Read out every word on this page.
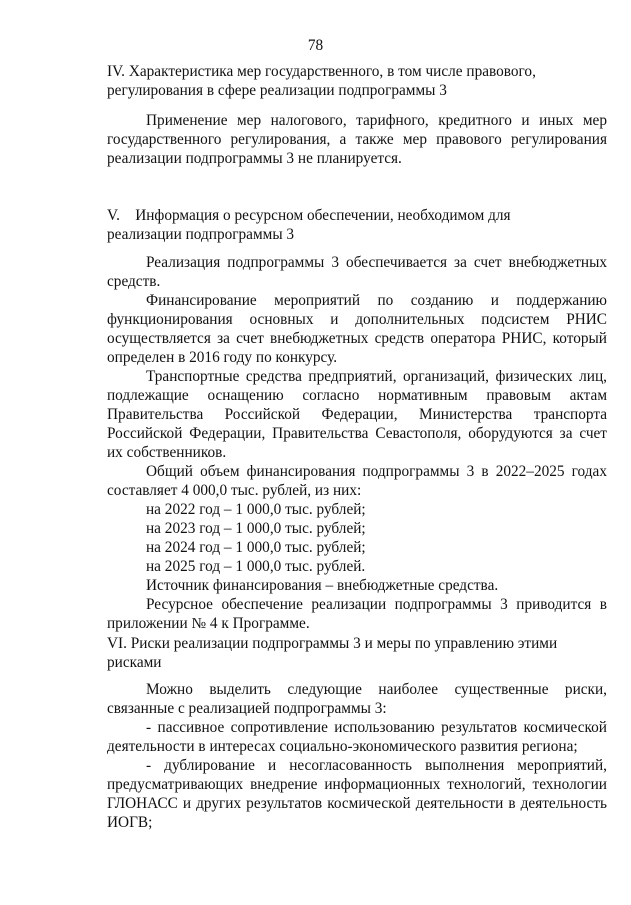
78

IV. Характеристика мер государственного, в том числе правового,

регулирования в сфере реализации подпрограммы 3

Применение мер налогового, тарифного, кредитного и иных мер государственного регулирования, а также мер правового регулирования реализации подпрограммы 3 не планируется.

V.    Информация о ресурсном обеспечении, необходимом для

реализации подпрограммы 3

Реализация подпрограммы 3 обеспечивается за счет внебюджетных средств.

Финансирование мероприятий по созданию и поддержанию функционирования основных и дополнительных подсистем РНИС осуществляется за счет внебюджетных средств оператора РНИС, который определен в 2016 году по конкурсу.

Транспортные средства предприятий, организаций, физических лиц, подлежащие оснащению согласно нормативным правовым актам Правительства Российской Федерации, Министерства транспорта Российской Федерации, Правительства Севастополя, оборудуются за счет их собственников.

Общий объем финансирования подпрограммы 3 в 2022–2025 годах составляет 4 000,0 тыс. рублей, из них:

на 2022 год – 1 000,0 тыс. рублей;

на 2023 год – 1 000,0 тыс. рублей;

на 2024 год – 1 000,0 тыс. рублей;

на 2025 год – 1 000,0 тыс. рублей.

Источник финансирования – внебюджетные средства.

Ресурсное обеспечение реализации подпрограммы 3 приводится в приложении № 4 к Программе.

VI. Риски реализации подпрограммы 3 и меры по управлению этими

рисками

Можно выделить следующие наиболее существенные риски, связанные с реализацией подпрограммы 3:

- пассивное сопротивление использованию результатов космической деятельности в интересах социально-экономического развития региона;

- дублирование и несогласованность выполнения мероприятий, предусматривающих внедрение информационных технологий, технологии ГЛОНАСС и других результатов космической деятельности в деятельность ИОГВ;
